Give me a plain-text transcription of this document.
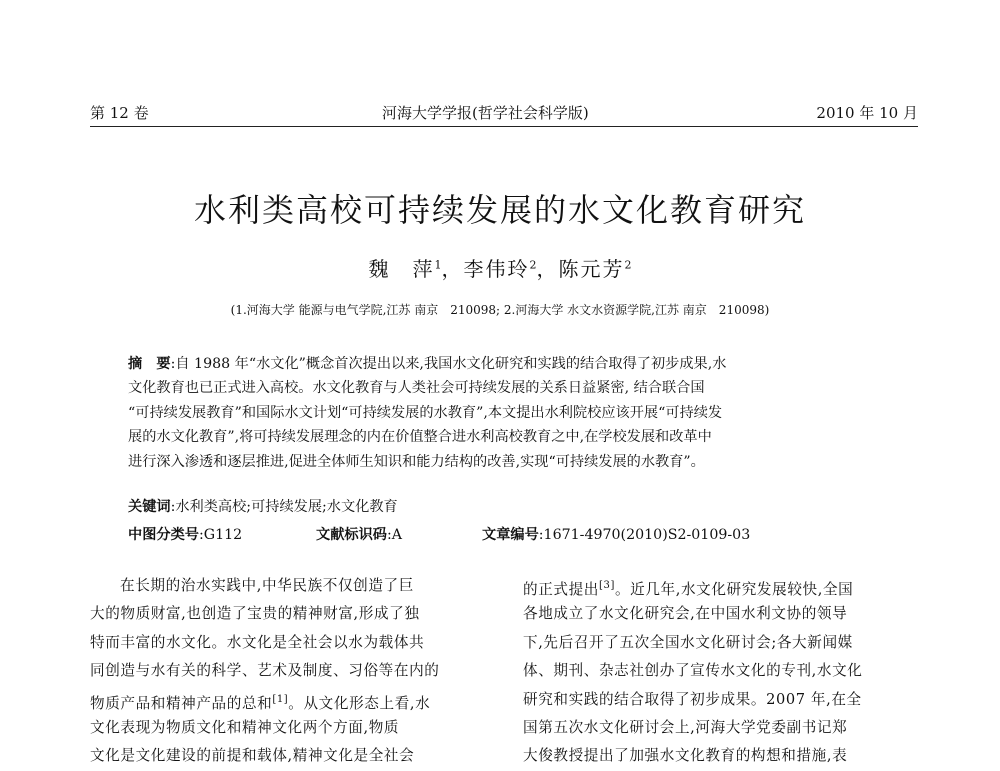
第 12 卷	河海大学学报(哲学社会科学版)	2010 年 10 月
水利类高校可持续发展的水文化教育研究
魏　萍$^1$，李伟玲$^2$，陈元芳$^2$
(1.河海大学 能源与电气学院,江苏 南京　210098; 2.河海大学 水文水资源学院,江苏 南京　210098)
摘　要:自 1988 年“水文化”概念首次提出以来,我国水文化研究和实践的结合取得了初步成果,水
文化教育也已正式进入高校。水文化教育与人类社会可持续发展的关系日益紧密, 结合联合国
“可持续发展教育”和国际水文计划“可持续发展的水教育”,本文提出水利院校应该开展“可持续发
展的水文化教育”,将可持续发展理念的内在价值整合进水利高校教育之中,在学校发展和改革中
进行深入渗透和逐层推进,促进全体师生知识和能力结构的改善,实现“可持续发展的水教育”。
关键词:水利类高校;可持续发展;水文化教育
中图分类号:G112	文献标识码:A	文章编号:1671-4970(2010)S2-0109-03
在长期的治水实践中,中华民族不仅创造了巨
大的物质财富,也创造了宝贵的精神财富,形成了独
特而丰富的水文化。水文化是全社会以水为载体共
同创造与水有关的科学、艺术及制度、习俗等在内的
物质产品和精神产品的总和[1]。从文化形态上看,水
文化表现为物质文化和精神文化两个方面,物质
文化是文化建设的前提和载体,精神文化是全社会
的正式提出[3]。近几年,水文化研究发展较快,全国
各地成立了水文化研究会,在中国水利文协的领导
下,先后召开了五次全国水文化研讨会;各大新闻媒
体、期刊、杂志社创办了宣传水文化的专刊,水文化
研究和实践的结合取得了初步成果。2007 年,在全
国第五次水文化研讨会上,河海大学党委副书记郑
大俊教授提出了加强水文化教育的构想和措施,表
